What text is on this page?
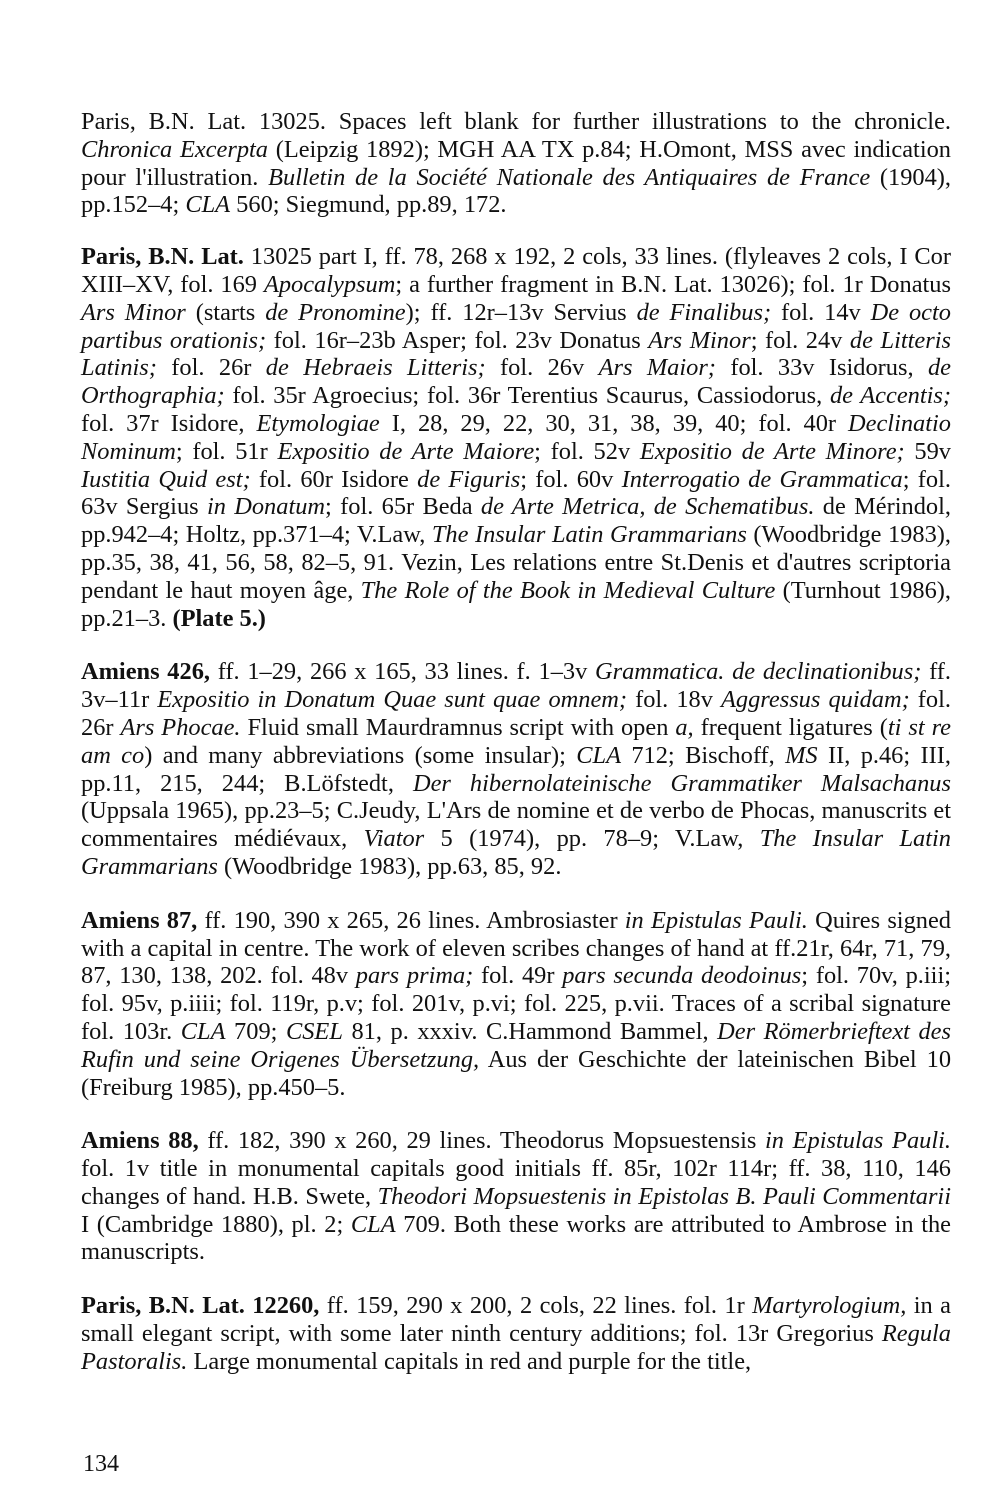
Paris, B.N. Lat. 13025. Spaces left blank for further illustrations to the chronicle. Chronica Excerpta (Leipzig 1892); MGH AA TX p.84; H.Omont, MSS avec indication pour l'illustration. Bulletin de la Société Nationale des Antiquaires de France (1904), pp.152–4; CLA 560; Siegmund, pp.89, 172.

Paris, B.N. Lat. 13025 part I, ff. 78, 268 x 192, 2 cols, 33 lines. (flyleaves 2 cols, I Cor XIII–XV, fol. 169 Apocalypsum; a further fragment in B.N. Lat. 13026); fol. 1r Donatus Ars Minor (starts de Pronomine); ff. 12r–13v Servius de Finalibus; fol. 14v De octo partibus orationis; fol. 16r–23b Asper; fol. 23v Donatus Ars Minor; fol. 24v de Litteris Latinis; fol. 26r de Hebraeis Litteris; fol. 26v Ars Maior; fol. 33v Isidorus, de Orthographia; fol. 35r Agroecius; fol. 36r Terentius Scaurus, Cassiodorus, de Accentis; fol. 37r Isidore, Etymologiae I, 28, 29, 22, 30, 31, 38, 39, 40; fol. 40r Declinatio Nominum; fol. 51r Expositio de Arte Maiore; fol. 52v Expositio de Arte Minore; 59v Iustitia Quid est; fol. 60r Isidore de Figuris; fol. 60v Interrogatio de Grammatica; fol. 63v Sergius in Donatum; fol. 65r Beda de Arte Metrica, de Schematibus. de Mérindol, pp.942–4; Holtz, pp.371–4; V.Law, The Insular Latin Grammarians (Woodbridge 1983), pp.35, 38, 41, 56, 58, 82–5, 91. Vezin, Les relations entre St.Denis et d'autres scriptoria pendant le haut moyen âge, The Role of the Book in Medieval Culture (Turnhout 1986), pp.21–3. (Plate 5.)

Amiens 426, ff. 1–29, 266 x 165, 33 lines. f. 1–3v Grammatica. de declinationibus; ff. 3v–11r Expositio in Donatum Quae sunt quae omnem; fol. 18v Aggressus quidam; fol. 26r Ars Phocae. Fluid small Maurdramnus script with open a, frequent ligatures (ti st re am co) and many abbreviations (some insular); CLA 712; Bischoff, MS II, p.46; III, pp.11, 215, 244; B.Löfstedt, Der hibernolateinische Grammatiker Malsachanus (Uppsala 1965), pp.23–5; C.Jeudy, L'Ars de nomine et de verbo de Phocas, manuscrits et commentaires médiévaux, Viator 5 (1974), pp. 78–9; V.Law, The Insular Latin Grammarians (Woodbridge 1983), pp.63, 85, 92.

Amiens 87, ff. 190, 390 x 265, 26 lines. Ambrosiaster in Epistulas Pauli. Quires signed with a capital in centre. The work of eleven scribes changes of hand at ff.21r, 64r, 71, 79, 87, 130, 138, 202. fol. 48v pars prima; fol. 49r pars secunda deodoinus; fol. 70v, p.iii; fol. 95v, p.iiii; fol. 119r, p.v; fol. 201v, p.vi; fol. 225, p.vii. Traces of a scribal signature fol. 103r. CLA 709; CSEL 81, p. xxxiv. C.Hammond Bammel, Der Römerbrieftext des Rufin und seine Origenes Übersetzung, Aus der Geschichte der lateinischen Bibel 10 (Freiburg 1985), pp.450–5.

Amiens 88, ff. 182, 390 x 260, 29 lines. Theodorus Mopsuestensis in Epistulas Pauli. fol. 1v title in monumental capitals good initials ff. 85r, 102r 114r; ff. 38, 110, 146 changes of hand. H.B. Swete, Theodori Mopsuestenis in Epistolas B. Pauli Commentarii I (Cambridge 1880), pl. 2; CLA 709. Both these works are attributed to Ambrose in the manuscripts.

Paris, B.N. Lat. 12260, ff. 159, 290 x 200, 2 cols, 22 lines. fol. 1r Martyrologium, in a small elegant script, with some later ninth century additions; fol. 13r Gregorius Regula Pastoralis. Large monumental capitals in red and purple for the title,

134
